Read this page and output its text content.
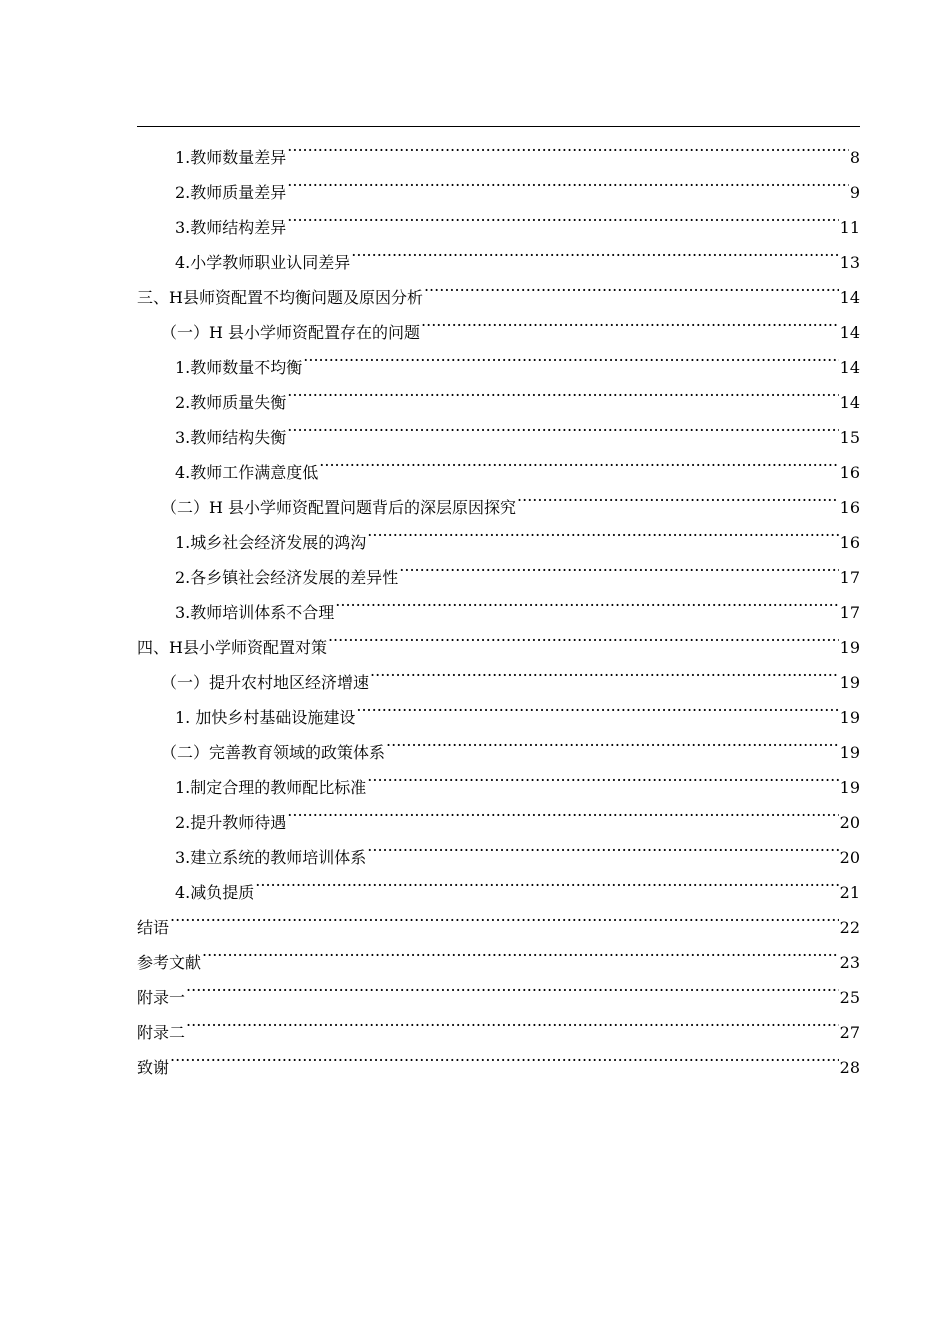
1.教师数量差异 .....	8
2.教师质量差异 .....	9
3.教师结构差异 .....	11
4.小学教师职业认同差异 .....	13
三、H县师资配置不均衡问题及原因分析 .....	14
（一）H 县小学师资配置存在的问题 .....	14
1.教师数量不均衡 .....	14
2.教师质量失衡 .....	14
3.教师结构失衡 .....	15
4.教师工作满意度低 .....	16
（二）H 县小学师资配置问题背后的深层原因探究 .....	16
1.城乡社会经济发展的鸿沟 .....	16
2.各乡镇社会经济发展的差异性 .....	17
3.教师培训体系不合理 .....	17
四、H县小学师资配置对策 .....	19
（一）提升农村地区经济增速 .....	19
1. 加快乡村基础设施建设 .....	19
（二）完善教育领域的政策体系 .....	19
1.制定合理的教师配比标准 .....	19
2.提升教师待遇 .....	20
3.建立系统的教师培训体系 .....	20
4.减负提质 .....	21
结语 .....	22
参考文献 .....	23
附录一 .....	25
附录二 .....	27
致谢 .....	28
